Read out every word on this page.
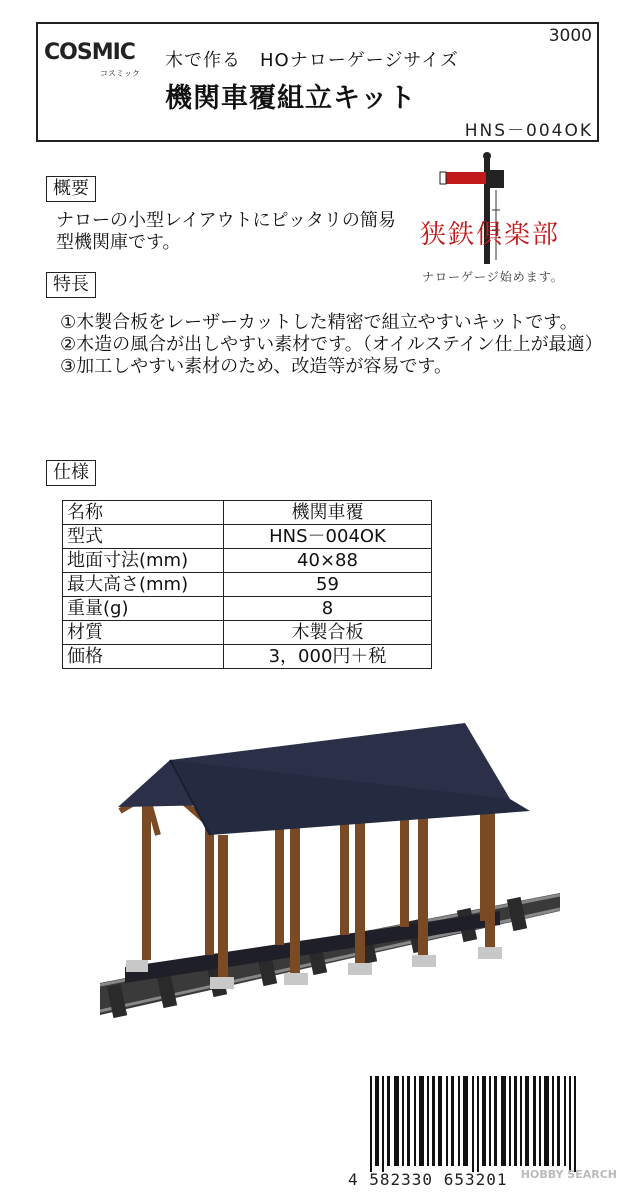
COSMIC
コスミック
3000
木で作る　HOナローゲージサイズ
機関車覆組立キット
HNS－004OK
狭鉄倶楽部
ナローゲージ始めます。
概要
ナローの小型レイアウトにピッタリの簡易型機関庫です。
特長
①木製合板をレーザーカットした精密で組立やすいキットです。
②木造の風合が出しやすい素材です。（オイルステイン仕上が最適）
③加工しやすい素材のため、改造等が容易です。
仕様
名称	機関車覆
型式	HNS－004OK
地面寸法(mm)	40×88
最大高さ(mm)	59
重量(g)	8
材質	木製合板
価格	3，000円＋税
4 582330 653201 HOBBY SEARCH
